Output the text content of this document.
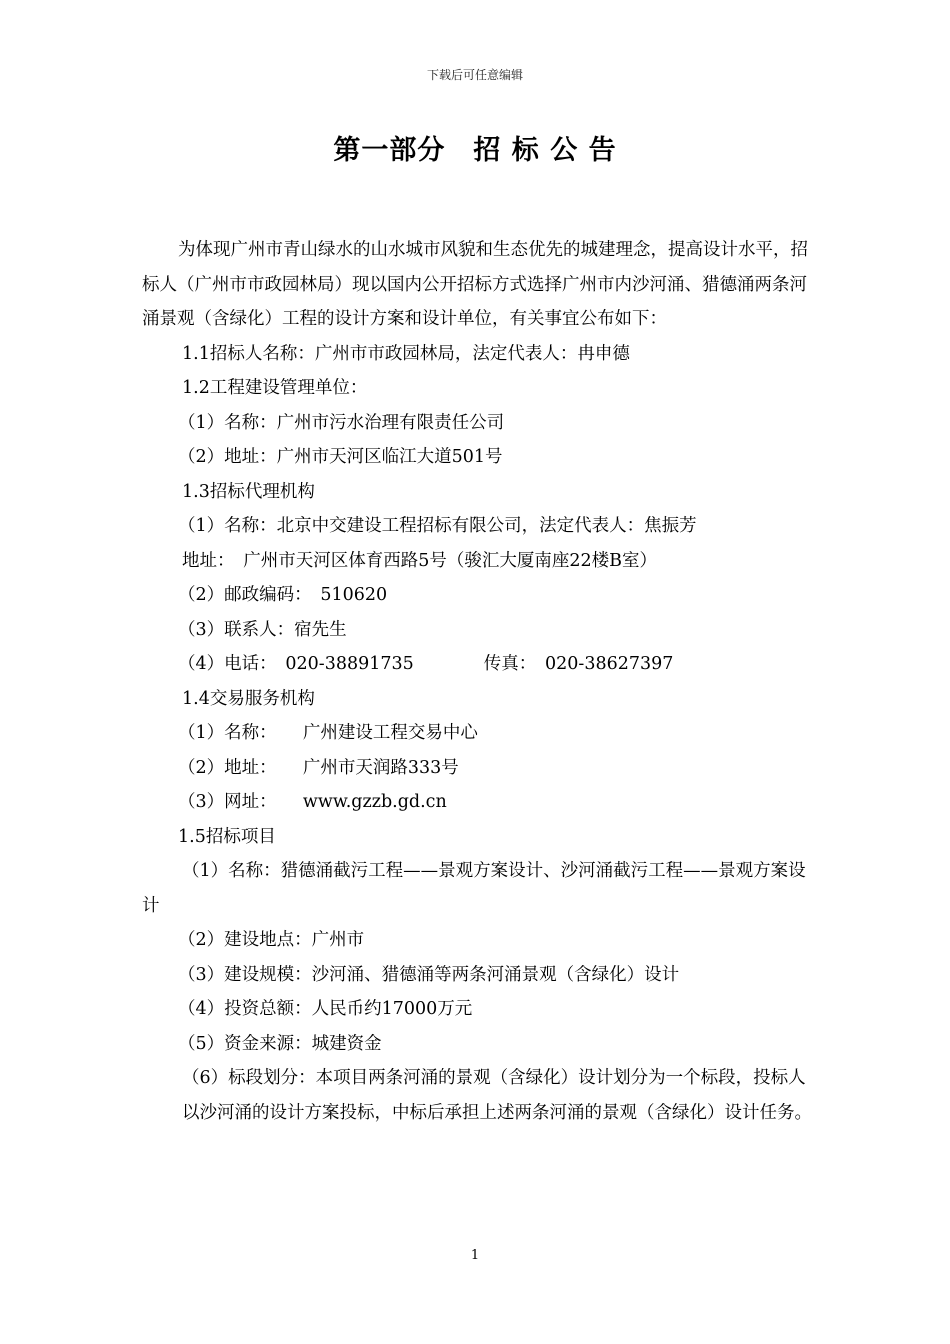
下载后可任意编辑
第一部分　招 标 公 告

为体现广州市青山绿水的山水城市风貌和生态优先的城建理念，提高设计水平，招标人（广州市市政园林局）现以国内公开招标方式选择广州市内沙河涌、猎德涌两条河涌景观（含绿化）工程的设计方案和设计单位，有关事宜公布如下：

1.1招标人名称：广州市市政园林局，法定代表人：冉申德

1.2工程建设管理单位：

（1）名称：广州市污水治理有限责任公司

（2）地址：广州市天河区临江大道501号

1.3招标代理机构

（1）名称：北京中交建设工程招标有限公司，法定代表人：焦振芳

地址：　广州市天河区体育西路5号（骏汇大厦南座22楼B室）

（2）邮政编码：　510620

（3）联系人：宿先生

（4）电话：　020-38891735　　　　传真：　020-38627397

1.4交易服务机构

（1）名称：　　广州建设工程交易中心

（2）地址：　　广州市天润路333号

（3）网址：　　www.gzzb.gd.cn

1.5招标项目

（1）名称：猎德涌截污工程——景观方案设计、沙河涌截污工程——景观方案设计

（2）建设地点：广州市

（3）建设规模：沙河涌、猎德涌等两条河涌景观（含绿化）设计

（4）投资总额：人民币约17000万元

（5）资金来源：城建资金

（6）标段划分：本项目两条河涌的景观（含绿化）设计划分为一个标段，投标人以沙河涌的设计方案投标，中标后承担上述两条河涌的景观（含绿化）设计任务。

1
